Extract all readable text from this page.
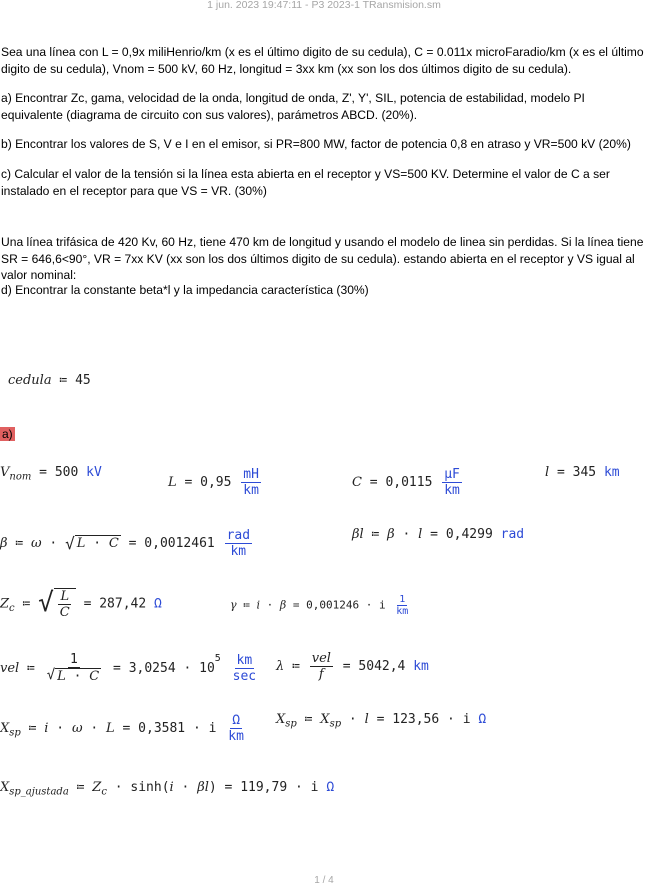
1 jun. 2023 19:47:11 - P3 2023-1 TRansmision.sm
Sea una línea con L = 0,9x miliHenrio/km (x es el último digito de su cedula), C = 0.011x microFaradio/km (x es el último digito de su cedula), Vnom = 500 kV, 60 Hz, longitud = 3xx km (xx son los dos últimos digito de su cedula).
a) Encontrar Zc, gama, velocidad de la onda, longitud de onda, Z', Y', SIL, potencia de estabilidad, modelo PI equivalente (diagrama de circuito con sus valores), parámetros ABCD. (20%).
b) Encontrar los valores de S, V e I en el emisor, si PR=800 MW, factor de potencia 0,8 en atraso y VR=500 kV (20%)
c) Calcular el valor de la tensión si la línea esta abierta en el receptor y VS=500 KV. Determine el valor de C a ser instalado en el receptor para que VS = VR. (30%)
Una línea trifásica de 420 Kv, 60 Hz, tiene 470 km de longitud y usando el modelo de linea sin perdidas. Si la línea tiene SR = 646,6<90°, VR = 7xx KV (xx son los dos últimos digito de su cedula). estando abierta en el receptor y VS igual al valor nominal:
d) Encontrar la constante beta*l y la impedancia característica (30%)
cedula ≔ 45
a)
$V_{nom} = 500$ kV
$L = 0,95 \frac{mH}{km}$	$C = 0,0115 \frac{\mu F}{km}$	l = 345 km
β ≔ ω · √ $L \cdot C = 0,0012461 \frac{\text{rad}}{km}$	βl ≔ β · l = 0,4299 rad
$Z_c$ ≔ √ $\frac{L}{C} = 287,42$ Ω	γ ≔ i · β = 0,001246 · i $\frac{1}{km}$
vel ≔ $\frac{1}{√ L \cdot C} = 3,0254 \cdot 10^5 \frac{km}{\sec}$ λ ≔ $\frac{\text{vel}}{f} = 5042,4$ km
$X_{sp}$ ≔ i · ω · L = 0,3581 · i $\frac{\Omega}{km} X_{sp}$ ≔ $X_{sp} \cdot l = 123,56 \cdot i$ Ω
$X_{sp\_ajustada}$ ≔ $Z_c \cdot \sinh(i \cdot \beta l) = 119,79 \cdot i$ Ω
1 / 4
